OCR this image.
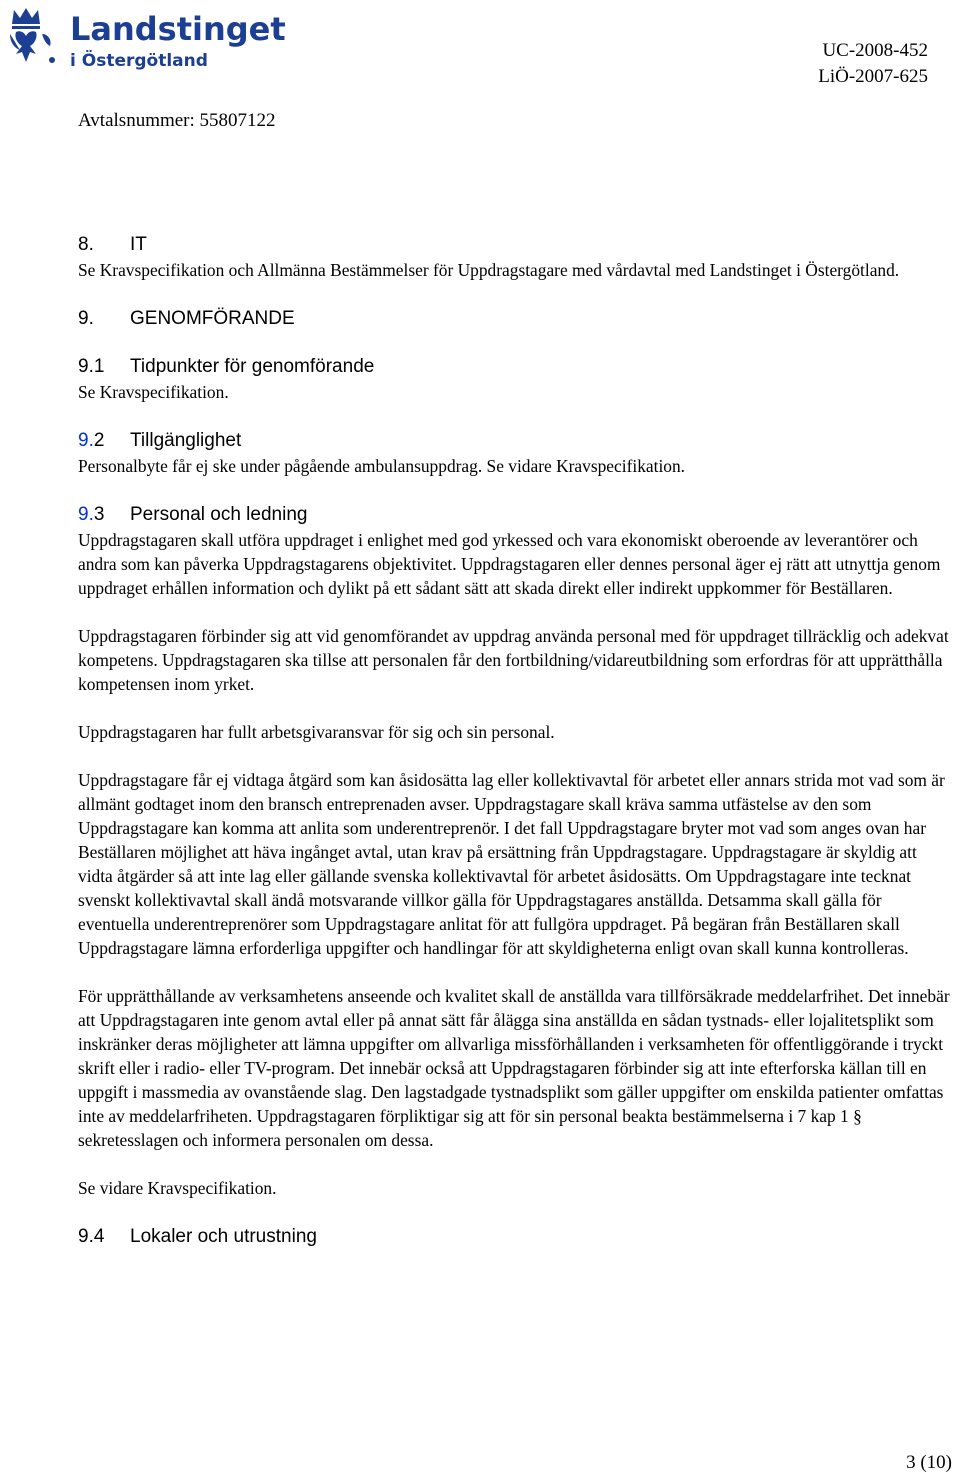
Landstinget
i Östergötland	UC-2008-452
LiÖ-2007-625
Avtalsnummer: 55807122
8. IT

Se Kravspecifikation och Allmänna Bestämmelser för Uppdragstagare med vårdavtal med Landstinget i Östergötland.

9. GENOMFÖRANDE
9.1 Tidpunkter för genomförande

Se Kravspecifikation.

9.2 Tillgänglighet

Personalbyte får ej ske under pågående ambulansuppdrag. Se vidare Kravspecifikation.

9.3 Personal och ledning

Uppdragstagaren skall utföra uppdraget i enlighet med god yrkessed och vara ekonomiskt oberoende av leverantörer och andra som kan påverka Uppdragstagarens objektivitet. Uppdragstagaren eller dennes personal äger ej rätt att utnyttja genom uppdraget erhållen information och dylikt på ett sådant sätt att skada direkt eller indirekt uppkommer för Beställaren.

Uppdragstagaren förbinder sig att vid genomförandet av uppdrag använda personal med för uppdraget tillräcklig och adekvat kompetens. Uppdragstagaren ska tillse att personalen får den fortbildning/vidareutbildning som erfordras för att upprätthålla kompetensen inom yrket.

Uppdragstagaren har fullt arbetsgivaransvar för sig och sin personal.

Uppdragstagare får ej vidtaga åtgärd som kan åsidosätta lag eller kollektivavtal för arbetet eller annars strida mot vad som är allmänt godtaget inom den bransch entreprenaden avser. Uppdragstagare skall kräva samma utfästelse av den som Uppdragstagare kan komma att anlita som underentreprenör. I det fall Uppdragstagare bryter mot vad som anges ovan har Beställaren möjlighet att häva ingånget avtal, utan krav på ersättning från Uppdragstagare. Uppdragstagare är skyldig att vidta åtgärder så att inte lag eller gällande svenska kollektivavtal för arbetet åsidosätts. Om Uppdragstagare inte tecknat svenskt kollektivavtal skall ändå motsvarande villkor gälla för Uppdragstagares anställda. Detsamma skall gälla för eventuella underentreprenörer som Uppdragstagare anlitat för att fullgöra uppdraget. På begäran från Beställaren skall Uppdragstagare lämna erforderliga uppgifter och handlingar för att skyldigheterna enligt ovan skall kunna kontrolleras.

För upprätthållande av verksamhetens anseende och kvalitet skall de anställda vara tillförsäkrade meddelarfrihet. Det innebär att Uppdragstagaren inte genom avtal eller på annat sätt får ålägga sina anställda en sådan tystnads- eller lojalitetsplikt som inskränker deras möjligheter att lämna uppgifter om allvarliga missförhållanden i verksamheten för offentliggörande i tryckt skrift eller i radio- eller TV-program. Det innebär också att Uppdragstagaren förbinder sig att inte efterforska källan till en uppgift i massmedia av ovanstående slag. Den lagstadgade tystnadsplikt som gäller uppgifter om enskilda patienter omfattas inte av meddelarfriheten. Uppdragstagaren förpliktigar sig att för sin personal beakta bestämmelserna i 7 kap 1 § sekretesslagen och informera personalen om dessa.

Se vidare Kravspecifikation.

9.4 Lokaler och utrustning
3 (10)
